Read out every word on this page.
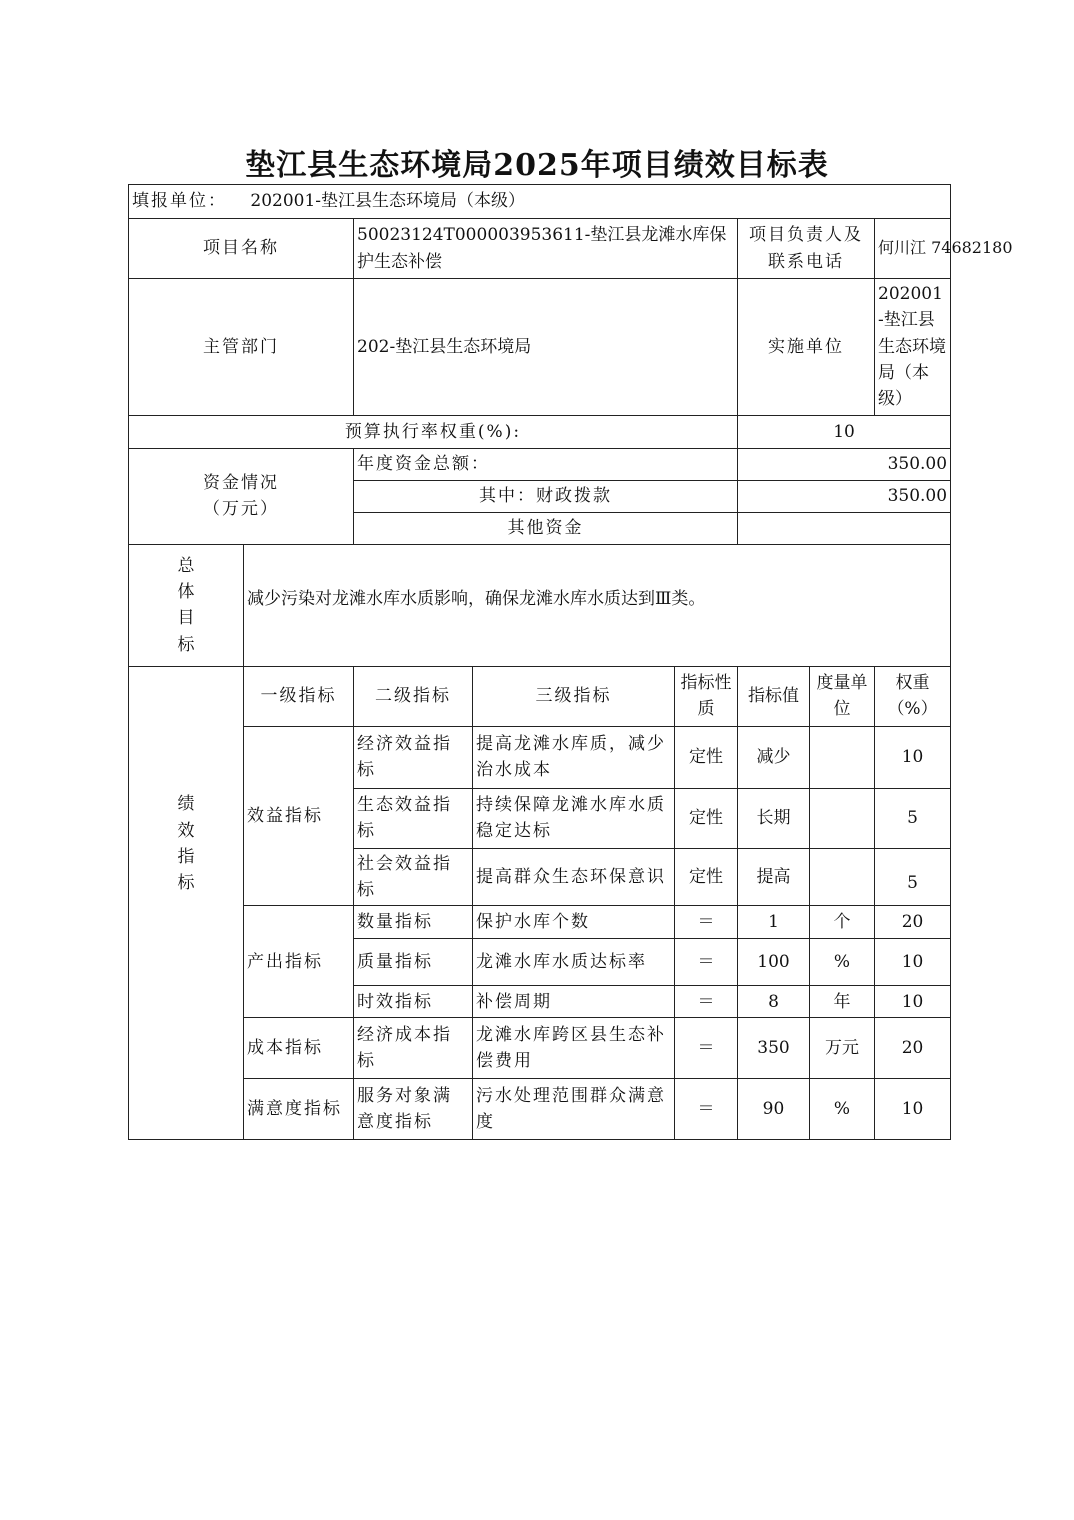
垫江县生态环境局2025年项目绩效目标表
填报单位： 202001-垫江县生态环境局（本级）							
项目名称		50023124T000003953611-垫江县龙滩水库保护生态补偿			项目负责人及联系电话		何川江 74682180
主管部门		202-垫江县生态环境局			实施单位		202001-垫江县生态环境局（本级）
预算执行率权重(%):					10		

资金情况
（万元）		年度资金总额：			350.00		
		其中：财政拨款			350.00		
		其他资金					

总
体
目
标	减少污染对龙滩水库水质影响，确保龙滩水库水质达到Ⅲ类。						

绩
效
指
标	一级指标	二级指标	三级指标	指标性质	指标值	度量单位	权重（%）
	效益指标	经济效益指标	提高龙滩水库质，减少治水成本	定性	减少		10
		生态效益指标	持续保障龙滩水库水质稳定达标	定性	长期		5
		社会效益指标	提高群众生态环保意识	定性	提高		5
	产出指标	数量指标	保护水库个数	＝	1	个	20
		质量指标	龙滩水库水质达标率	＝	100	%	10
		时效指标	补偿周期	＝	8	年	10
	成本指标	经济成本指标	龙滩水库跨区县生态补偿费用	＝	350	万元	20
	满意度指标	服务对象满意度指标	污水处理范围群众满意度	＝	90	%	10
